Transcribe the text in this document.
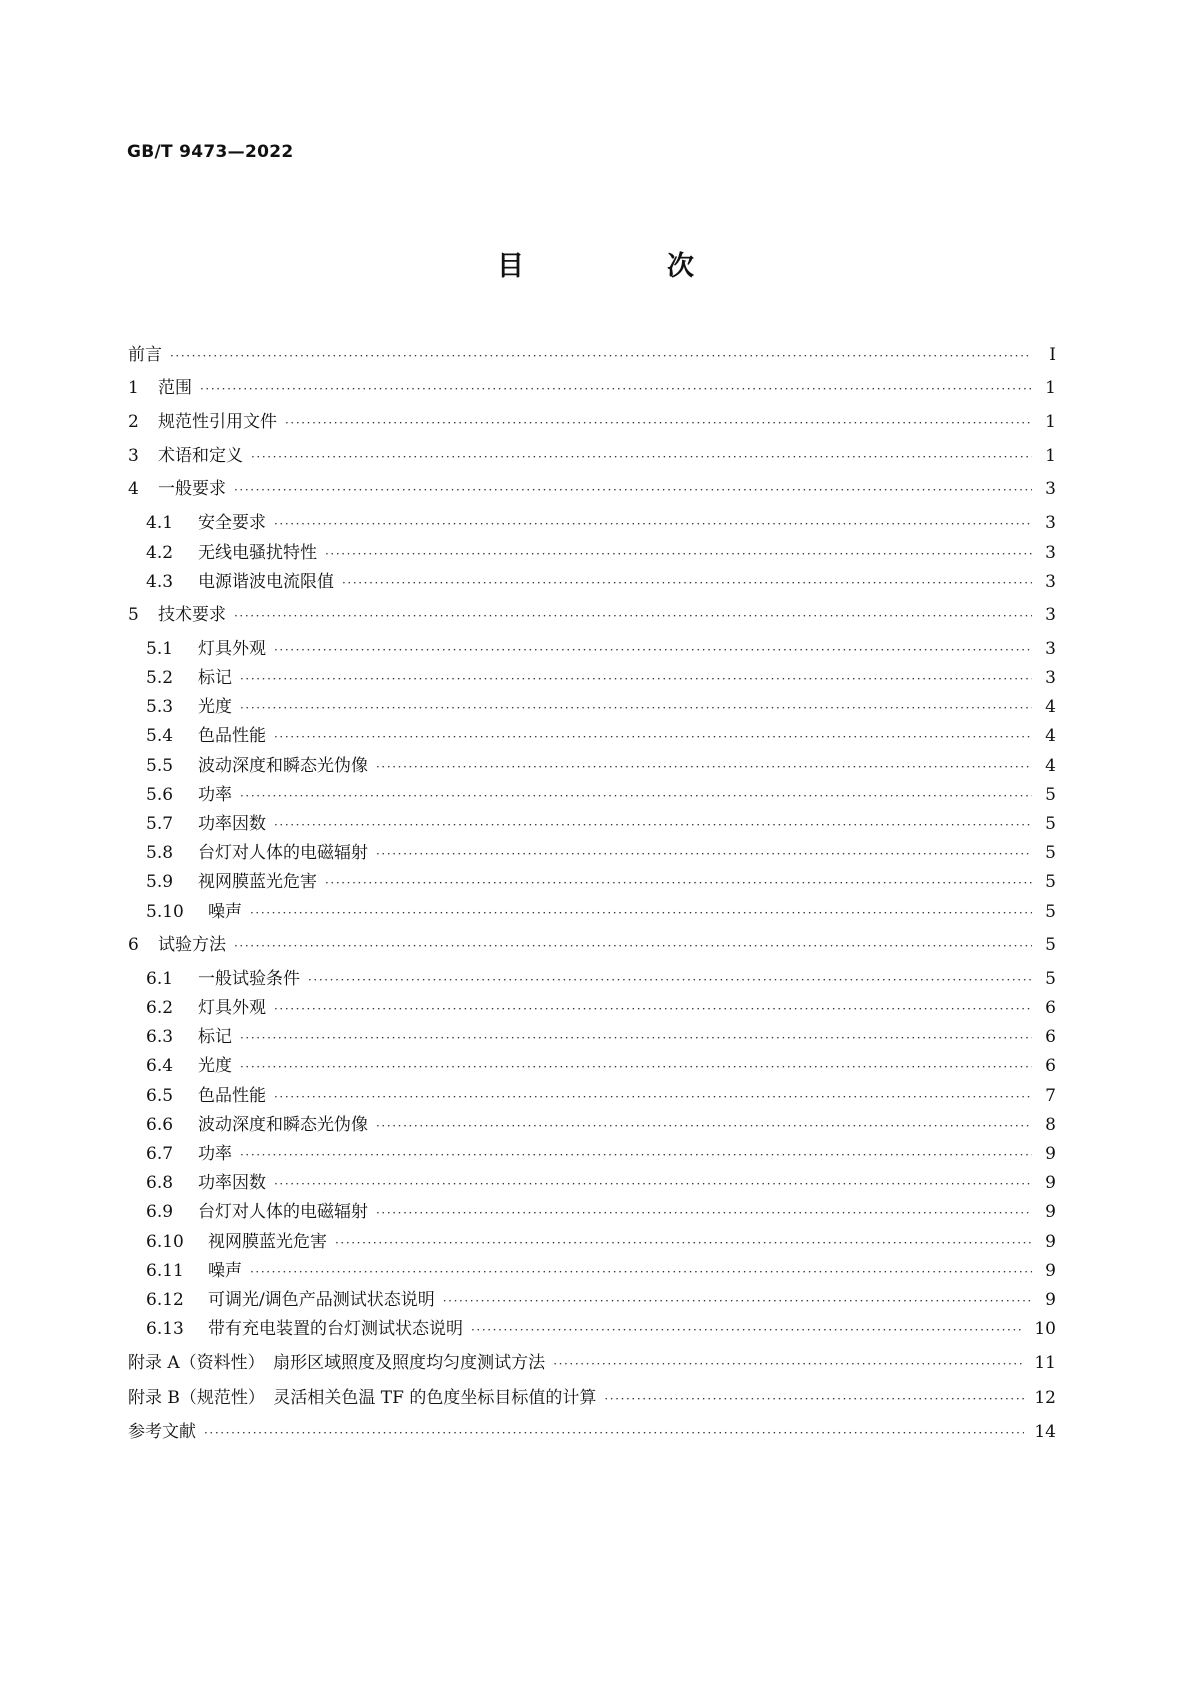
GB/T 9473—2022
目　次
前言 ·····	Ⅰ
1	范围 ·····	1
2	规范性引用文件 ·····	1
3	术语和定义 ·····	1
4	一般要求 ·····	3
4.1	安全要求 ·····	3
4.2	无线电骚扰特性 ·····	3
4.3	电源谐波电流限值 ·····	3
5	技术要求 ·····	3
5.1	灯具外观 ·····	3
5.2	标记 ·····	3
5.3	光度 ·····	4
5.4	色品性能 ·····	4
5.5	波动深度和瞬态光伪像 ·····	4
5.6	功率 ·····	5
5.7	功率因数 ·····	5
5.8	台灯对人体的电磁辐射 ·····	5
5.9	视网膜蓝光危害 ·····	5
5.10	噪声 ·····	5
6	试验方法 ·····	5
6.1	一般试验条件 ·····	5
6.2	灯具外观 ·····	6
6.3	标记 ·····	6
6.4	光度 ·····	6
6.5	色品性能 ·····	7
6.6	波动深度和瞬态光伪像 ·····	8
6.7	功率 ·····	9
6.8	功率因数 ·····	9
6.9	台灯对人体的电磁辐射 ·····	9
6.10	视网膜蓝光危害 ·····	9
6.11	噪声 ·····	9
6.12	可调光/调色产品测试状态说明 ·····	9
6.13	带有充电装置的台灯测试状态说明 ·····	10
附录 A（资料性）　扇形区域照度及照度均匀度测试方法 ·····	11
附录 B（规范性）　灵活相关色温 TF 的色度坐标目标值的计算 ·····	12
参考文献 ·····	14
